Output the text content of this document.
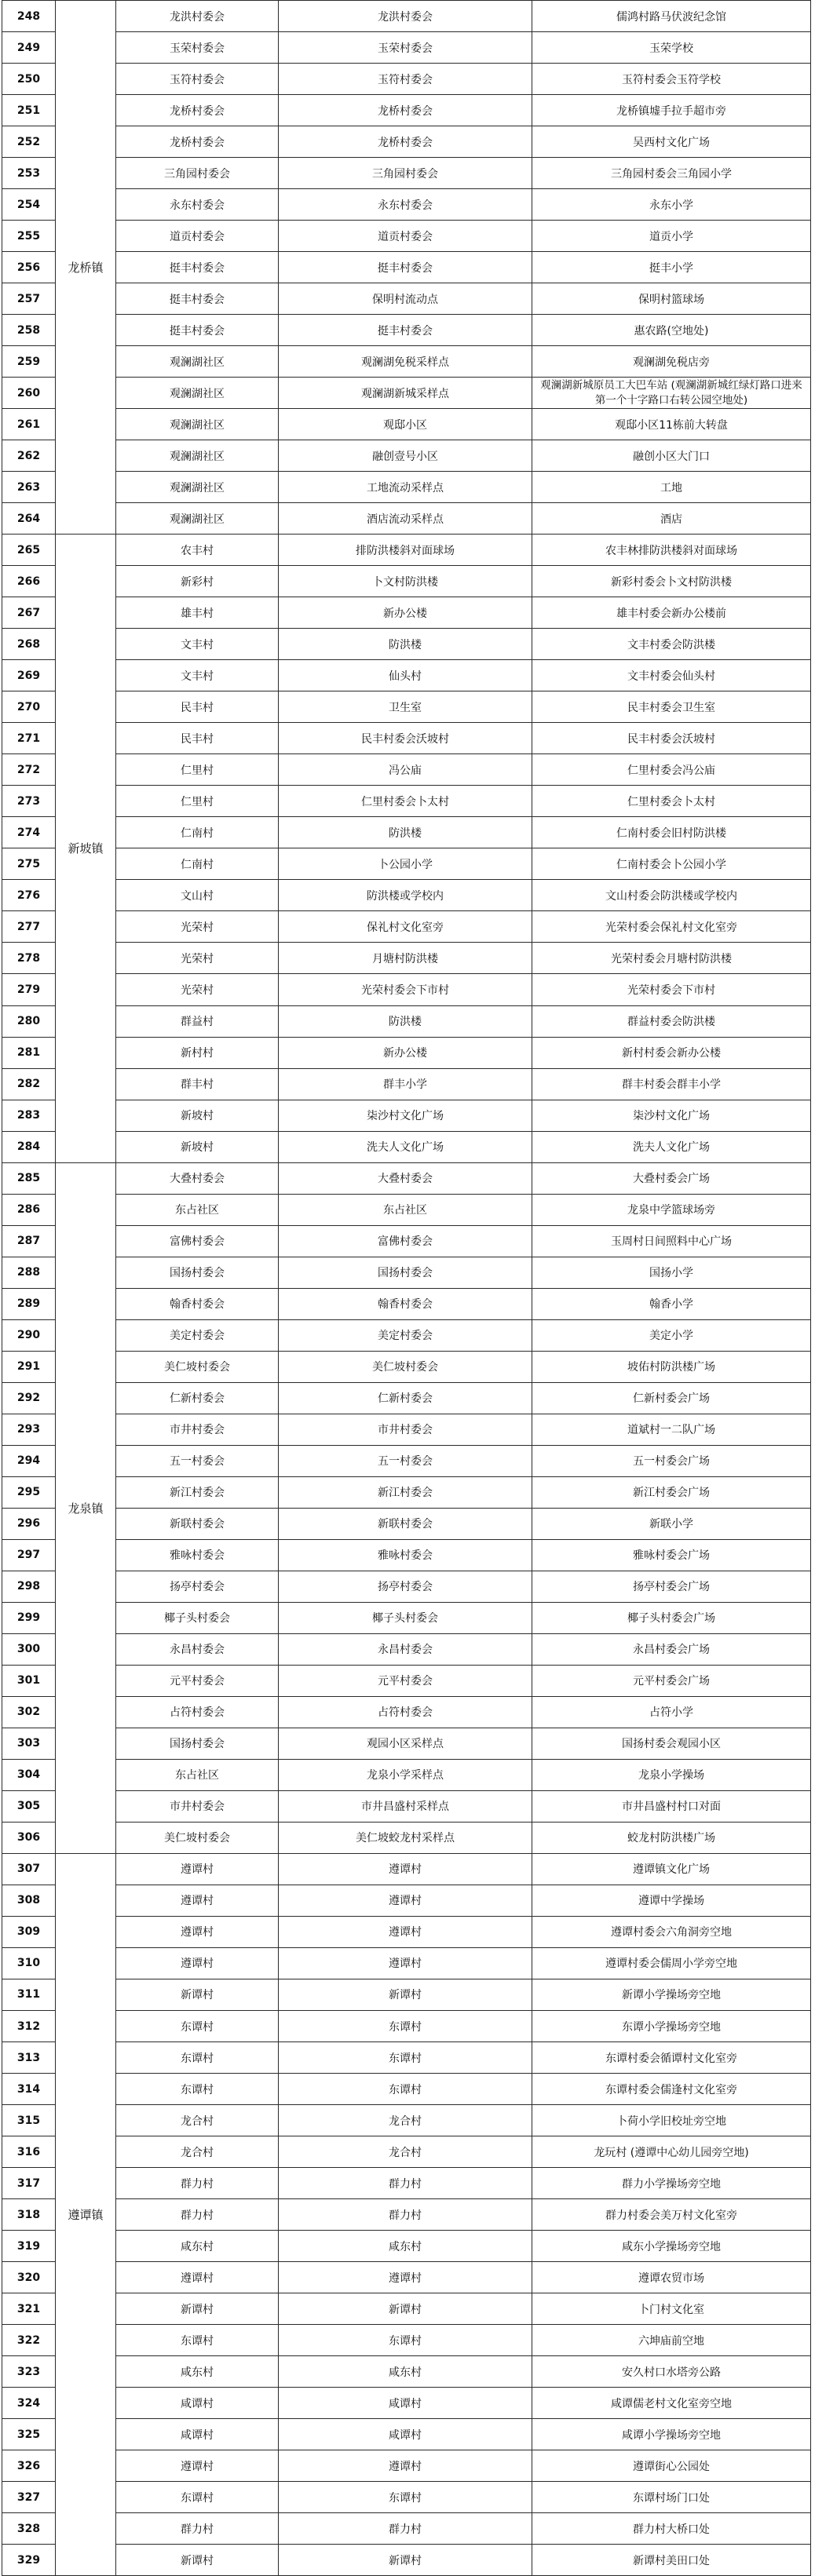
248	龙桥镇	龙洪村委会	龙洪村委会	儒鸿村路马伏波纪念馆
249		玉荣村委会	玉荣村委会	玉荣学校
250		玉符村委会	玉符村委会	玉符村委会玉符学校
251		龙桥村委会	龙桥村委会	龙桥镇墟手拉手超市旁
252		龙桥村委会	龙桥村委会	吴西村文化广场
253		三角园村委会	三角园村委会	三角园村委会三角园小学
254		永东村委会	永东村委会	永东小学
255		道贡村委会	道贡村委会	道贡小学
256		挺丰村委会	挺丰村委会	挺丰小学
257		挺丰村委会	保明村流动点	保明村篮球场
258		挺丰村委会	挺丰村委会	惠农路(空地处)
259		观澜湖社区	观澜湖免税采样点	观澜湖免税店旁
260		观澜湖社区	观澜湖新城采样点	观澜湖新城原员工大巴车站 (观澜湖新城红绿灯路口进来第一个十字路口右转公园空地处)
261		观澜湖社区	观邸小区	观邸小区11栋前大转盘
262		观澜湖社区	融创壹号小区	融创小区大门口
263		观澜湖社区	工地流动采样点	工地
264		观澜湖社区	酒店流动采样点	酒店
265	新坡镇	农丰村	排防洪楼斜对面球场	农丰林排防洪楼斜对面球场
266		新彩村	卜文村防洪楼	新彩村委会卜文村防洪楼
267		雄丰村	新办公楼	雄丰村委会新办公楼前
268		文丰村	防洪楼	文丰村委会防洪楼
269		文丰村	仙头村	文丰村委会仙头村
270		民丰村	卫生室	民丰村委会卫生室
271		民丰村	民丰村委会沃坡村	民丰村委会沃坡村
272		仁里村	冯公庙	仁里村委会冯公庙
273		仁里村	仁里村委会卜太村	仁里村委会卜太村
274		仁南村	防洪楼	仁南村委会旧村防洪楼
275		仁南村	卜公园小学	仁南村委会卜公园小学
276		文山村	防洪楼或学校内	文山村委会防洪楼或学校内
277		光荣村	保礼村文化室旁	光荣村委会保礼村文化室旁
278		光荣村	月塘村防洪楼	光荣村委会月塘村防洪楼
279		光荣村	光荣村委会下市村	光荣村委会下市村
280		群益村	防洪楼	群益村委会防洪楼
281		新村村	新办公楼	新村村委会新办公楼
282		群丰村	群丰小学	群丰村委会群丰小学
283		新坡村	柒沙村文化广场	柒沙村文化广场
284		新坡村	洗夫人文化广场	洗夫人文化广场
285	龙泉镇	大叠村委会	大叠村委会	大叠村委会广场
286		东占社区	东占社区	龙泉中学篮球场旁
287		富佛村委会	富佛村委会	玉周村日间照料中心广场
288		国扬村委会	国扬村委会	国扬小学
289		翰香村委会	翰香村委会	翰香小学
290		美定村委会	美定村委会	美定小学
291		美仁坡村委会	美仁坡村委会	坡佑村防洪楼广场
292		仁新村委会	仁新村委会	仁新村委会广场
293		市井村委会	市井村委会	道斌村一二队广场
294		五一村委会	五一村委会	五一村委会广场
295		新江村委会	新江村委会	新江村委会广场
296		新联村委会	新联村委会	新联小学
297		雅咏村委会	雅咏村委会	雅咏村委会广场
298		扬亭村委会	扬亭村委会	扬亭村委会广场
299		椰子头村委会	椰子头村委会	椰子头村委会广场
300		永昌村委会	永昌村委会	永昌村委会广场
301		元平村委会	元平村委会	元平村委会广场
302		占符村委会	占符村委会	占符小学
303		国扬村委会	观园小区采样点	国扬村委会观园小区
304		东占社区	龙泉小学采样点	龙泉小学操场
305		市井村委会	市井昌盛村采样点	市井昌盛村村口对面
306		美仁坡村委会	美仁坡蛟龙村采样点	蛟龙村防洪楼广场
307	遵谭镇	遵谭村	遵谭村	遵谭镇文化广场
308		遵谭村	遵谭村	遵谭中学操场
309		遵谭村	遵谭村	遵谭村委会六角洞旁空地
310		遵谭村	遵谭村	遵谭村委会儒周小学旁空地
311		新谭村	新谭村	新谭小学操场旁空地
312		东谭村	东谭村	东谭小学操场旁空地
313		东谭村	东谭村	东谭村委会循谭村文化室旁
314		东谭村	东谭村	东谭村委会儒逢村文化室旁
315		龙合村	龙合村	卜荷小学旧校址旁空地
316		龙合村	龙合村	龙玩村 (遵谭中心幼儿园旁空地)
317		群力村	群力村	群力小学操场旁空地
318		群力村	群力村	群力村委会美万村文化室旁
319		咸东村	咸东村	咸东小学操场旁空地
320		遵谭村	遵谭村	遵谭农贸市场
321		新谭村	新谭村	卜门村文化室
322		东谭村	东谭村	六坤庙前空地
323		咸东村	咸东村	安久村口水塔旁公路
324		咸谭村	咸谭村	咸谭儒老村文化室旁空地
325		咸谭村	咸谭村	咸谭小学操场旁空地
326		遵谭村	遵谭村	遵谭街心公园处
327		东谭村	东谭村	东谭村场门口处
328		群力村	群力村	群力村大桥口处
329		新谭村	新谭村	新谭村美田口处
